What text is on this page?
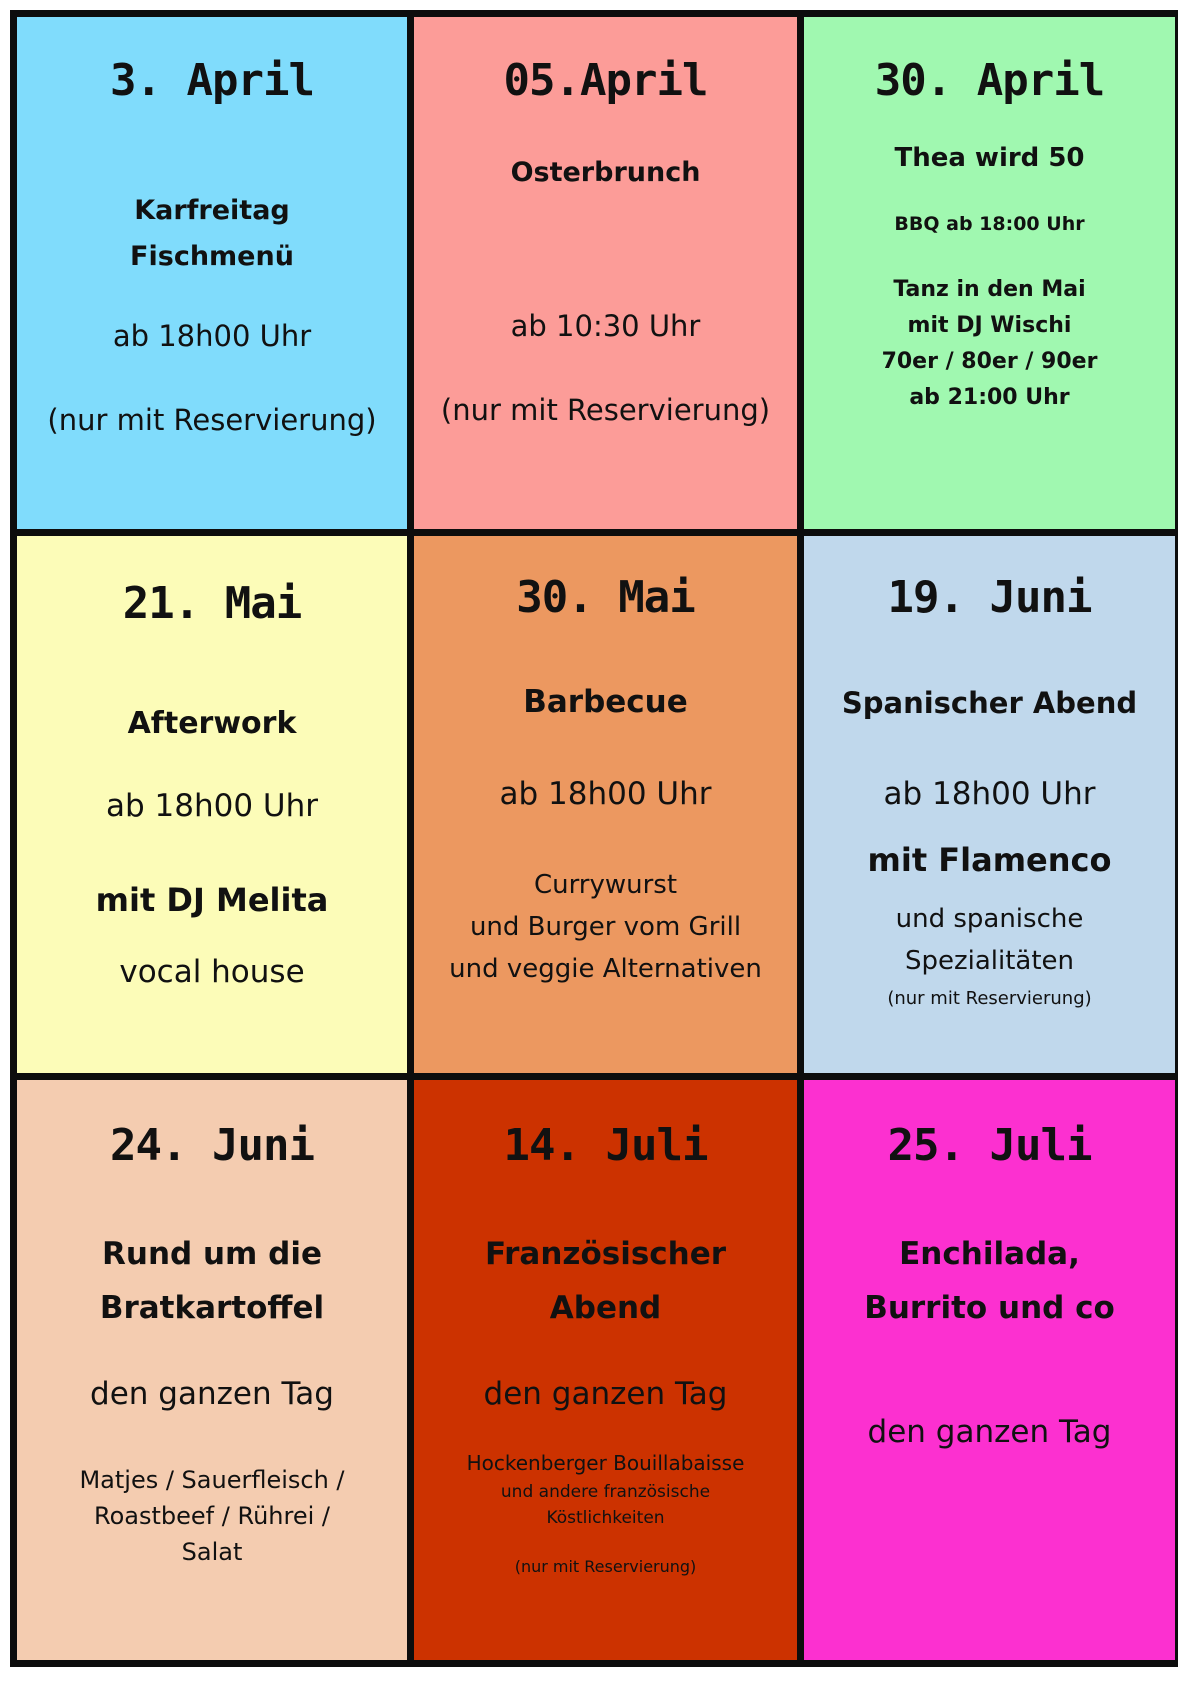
3. April
Karfreitag
Fischmenü
ab 18h00 Uhr
(nur mit Reservierung)
05.April
Osterbrunch
ab 10:30 Uhr
(nur mit Reservierung)
30. April
Thea wird 50
BBQ ab 18:00 Uhr
Tanz in den Mai
mit DJ Wischi
70er / 80er / 90er
ab 21:00 Uhr
21. Mai
Afterwork
ab 18h00 Uhr
mit DJ Melita
vocal house
30. Mai
Barbecue
ab 18h00 Uhr
Currywurst
und Burger vom Grill
und veggie Alternativen
19. Juni
Spanischer Abend
ab 18h00 Uhr
mit Flamenco
und spanische
Spezialitäten
(nur mit Reservierung)
24. Juni
Rund um die
Bratkartoffel
den ganzen Tag
Matjes / Sauerfleisch /
Roastbeef / Rührei /
Salat
14. Juli
Französischer
Abend
den ganzen Tag
Hockenberger Bouillabaisse
und andere französische
Köstlichkeiten
(nur mit Reservierung)
25. Juli
Enchilada,
Burrito und co
den ganzen Tag
